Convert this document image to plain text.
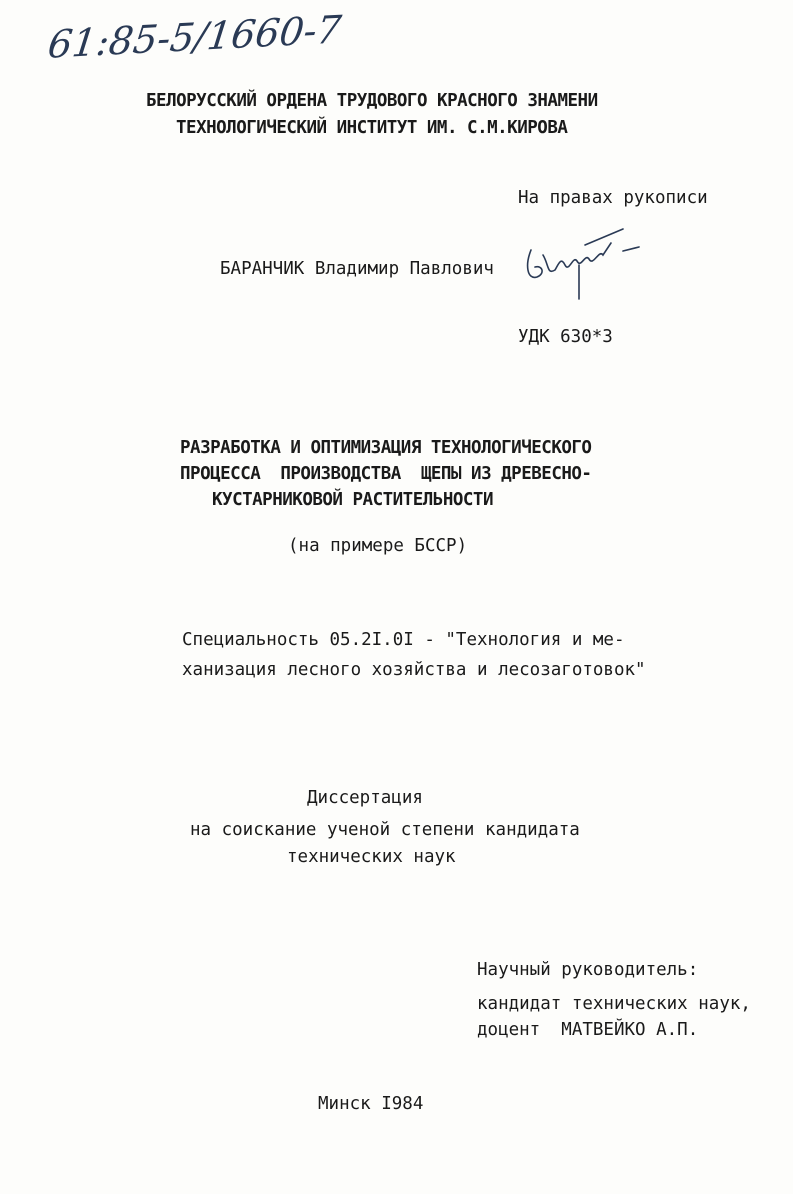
61:85-5/1660-7
БЕЛОРУССКИЙ ОРДЕНА ТРУДОВОГО КРАСНОГО ЗНАМЕНИ
ТЕХНОЛОГИЧЕСКИЙ ИНСТИТУТ ИМ. С.М.КИРОВА
На правах рукописи
БАРАНЧИК Владимир Павлович
УДК 630*3
РАЗРАБОТКА И ОПТИМИЗАЦИЯ ТЕХНОЛОГИЧЕСКОГО
ПРОЦЕССА  ПРОИЗВОДСТВА  ЩЕПЫ ИЗ ДРЕВЕСНО-
КУСТАРНИКОВОЙ РАСТИТЕЛЬНОСТИ
(на примере БССР)
Специальность 05.2I.0I - "Технология и ме-
ханизация лесного хозяйства и лесозаготовок"
Диссертация
на соискание ученой степени кандидата
технических наук
Научный руководитель:
кандидат технических наук,
доцент  МАТВЕЙКО А.П.
Минск I984
